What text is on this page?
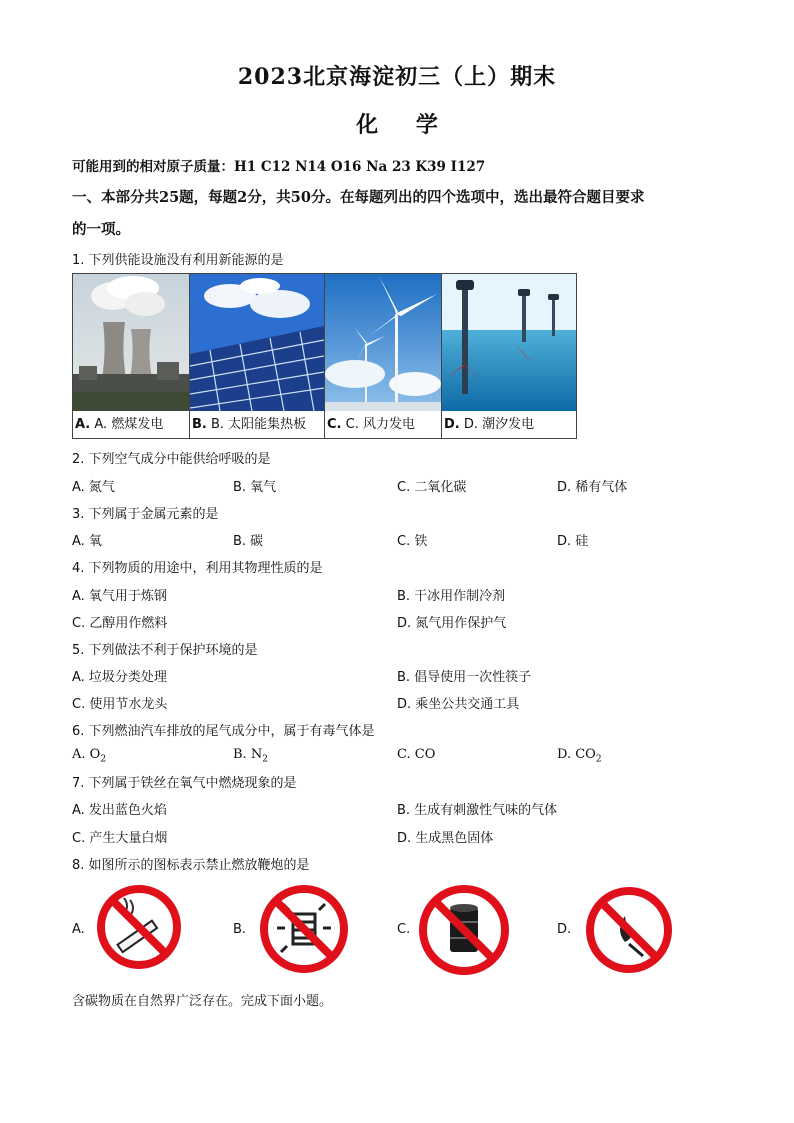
2023北京海淀初三（上）期末
化 学
可能用到的相对原子质量：H1 C12 N14 O16 Na 23 K39 I127
一、本部分共25题，每题2分，共50分。在每题列出的四个选项中，选出最符合题目要求
的一项。
1. 下列供能设施没有利用新能源的是
A. A. 燃煤发电	B. B. 太阳能集热板	C. C. 风力发电	D. D. 潮汐发电
2. 下列空气成分中能供给呼吸的是
A. 氮气	B. 氧气	C. 二氧化碳	D. 稀有气体
3. 下列属于金属元素的是
A. 氧	B. 碳	C. 铁	D. 硅
4. 下列物质的用途中，利用其物理性质的是
A. 氧气用于炼钢	B. 干冰用作制冷剂
C. 乙醇用作燃料	D. 氮气用作保护气
5. 下列做法不利于保护环境的是
A. 垃圾分类处理	B. 倡导使用一次性筷子
C. 使用节水龙头	D. 乘坐公共交通工具
6. 下列燃油汽车排放的尾气成分中，属于有毒气体是
A. $O_2$	B. $N_2$	C. CO	D. $CO_2$
7. 下列属于铁丝在氧气中燃烧现象的是
A. 发出蓝色火焰	B. 生成有刺激性气味的气体
C. 产生大量白烟	D. 生成黑色固体
8. 如图所示的图标表示禁止燃放鞭炮的是
A.	B.	C.	D.
含碳物质在自然界广泛存在。完成下面小题。
